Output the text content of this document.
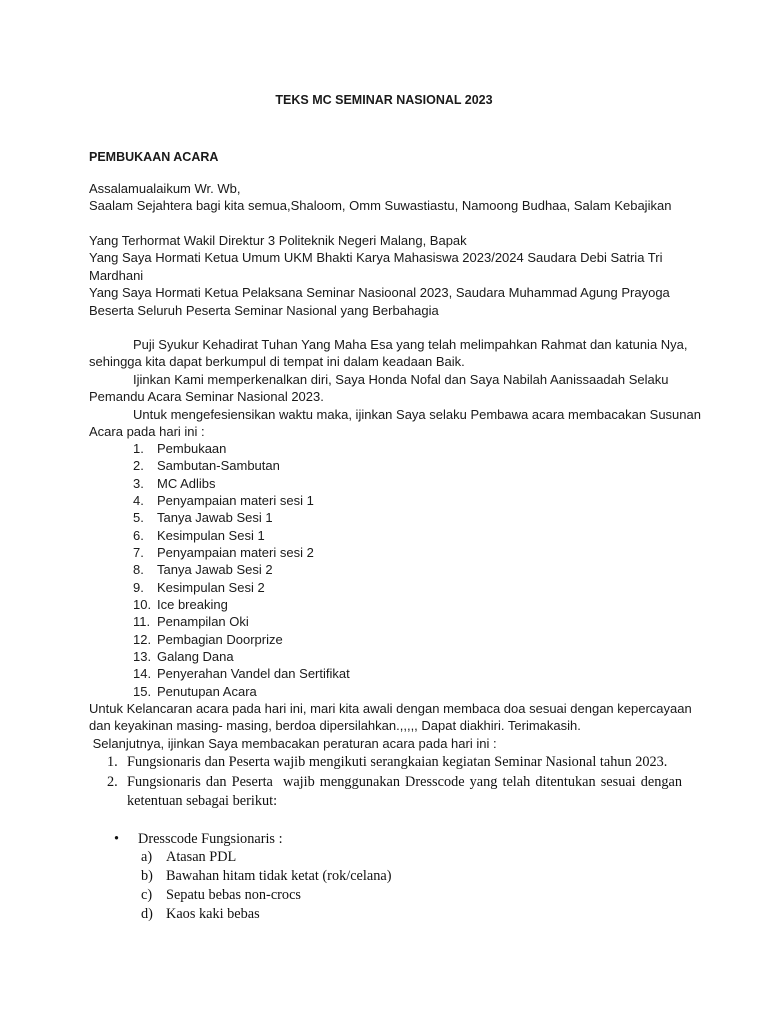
TEKS MC SEMINAR NASIONAL 2023
PEMBUKAAN ACARA
Assalamualaikum Wr. Wb,
Saalam Sejahtera bagi kita semua,Shaloom, Omm Suwastiastu, Namoong Budhaa, Salam Kebajikan
Yang Terhormat Wakil Direktur 3 Politeknik Negeri Malang, Bapak
Yang Saya Hormati Ketua Umum UKM Bhakti Karya Mahasiswa 2023/2024 Saudara Debi Satria Tri
Mardhani
Yang Saya Hormati Ketua Pelaksana Seminar Nasioonal 2023, Saudara Muhammad Agung Prayoga
Beserta Seluruh Peserta Seminar Nasional yang Berbahagia
Puji Syukur Kehadirat Tuhan Yang Maha Esa yang telah melimpahkan Rahmat dan katunia Nya,
sehingga kita dapat berkumpul di tempat ini dalam keadaan Baik.
Ijinkan Kami memperkenalkan diri, Saya Honda Nofal dan Saya Nabilah Aanissaadah Selaku
Pemandu Acara Seminar Nasional 2023.
Untuk mengefesiensikan waktu maka, ijinkan Saya selaku Pembawa acara membacakan Susunan
Acara pada hari ini :
1.	Pembukaan
2.	Sambutan-Sambutan
3.	MC Adlibs
4.	Penyampaian materi sesi 1
5.	Tanya Jawab Sesi 1
6.	Kesimpulan Sesi 1
7.	Penyampaian materi sesi 2
8.	Tanya Jawab Sesi 2
9.	Kesimpulan Sesi 2
10. Ice breaking
11. Penampilan Oki
12. Pembagian Doorprize
13. Galang Dana
14. Penyerahan Vandel dan Sertifikat
15. Penutupan Acara
Untuk Kelancaran acara pada hari ini, mari kita awali dengan membaca doa sesuai dengan kepercayaan
dan keyakinan masing- masing, berdoa dipersilahkan.,,,,, Dapat diakhiri. Terimakasih.
Selanjutnya, ijinkan Saya membacakan peraturan acara pada hari ini :
1. Fungsionaris dan Peserta wajib mengikuti serangkaian kegiatan Seminar Nasional tahun 2023.
2. Fungsionaris dan Peserta  wajib menggunakan Dresscode yang telah ditentukan sesuai dengan ketentuan sebagai berikut:
•	Dresscode Fungsionaris :
a) Atasan PDL
b) Bawahan hitam tidak ketat (rok/celana)
c) Sepatu bebas non-crocs
d) Kaos kaki bebas
